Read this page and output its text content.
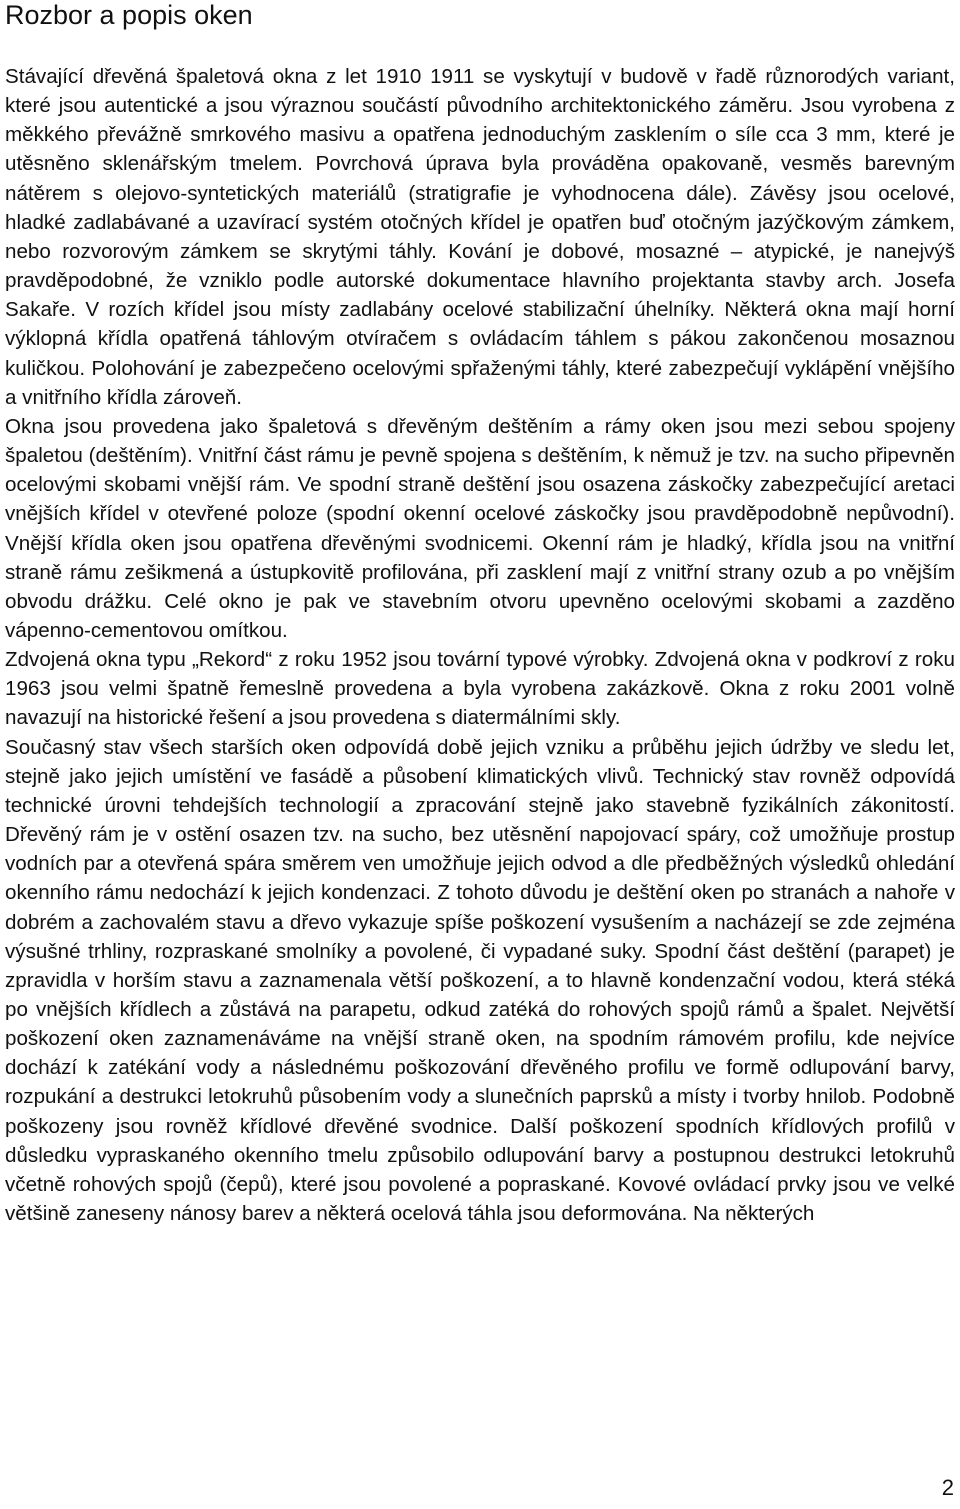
Rozbor a popis oken

Stávající dřevěná špaletová okna z let 1910 1911 se vyskytují v budově v řadě různorodých variant, které jsou autentické a jsou výraznou součástí původního architektonického záměru. Jsou vyrobena z měkkého převážně smrkového masivu a opatřena jednoduchým zasklením o síle cca 3 mm, které je utěsněno sklenářským tmelem. Povrchová úprava byla prováděna opakovaně, vesměs barevným nátěrem s olejovo-syntetických materiálů (stratigrafie je vyhodnocena dále). Závěsy jsou ocelové, hladké zadlabávané a uzavírací systém otočných křídel je opatřen buď otočným jazýčkovým zámkem, nebo rozvorovým zámkem se skrytými táhly. Kování je dobové, mosazné – atypické, je nanejvýš pravděpodobné, že vzniklo podle autorské dokumentace hlavního projektanta stavby arch. Josefa Sakaře. V rozích křídel jsou místy zadlabány ocelové stabilizační úhelníky. Některá okna mají horní výklopná křídla opatřená táhlovým otvíračem s ovládacím táhlem s pákou zakončenou mosaznou kuličkou. Polohování je zabezpečeno ocelovými spřaženými táhly, které zabezpečují vyklápění vnějšího a vnitřního křídla zároveň.

Okna jsou provedena jako špaletová s dřevěným deštěním a rámy oken jsou mezi sebou spojeny špaletou (deštěním). Vnitřní část rámu je pevně spojena s deštěním, k němuž je tzv. na sucho připevněn ocelovými skobami vnější rám. Ve spodní straně deštění jsou osazena záskočky zabezpečující aretaci vnějších křídel v otevřené poloze (spodní okenní ocelové záskočky jsou pravděpodobně nepůvodní). Vnější křídla oken jsou opatřena dřevěnými svodnicemi. Okenní rám je hladký, křídla jsou na vnitřní straně rámu zešikmená a ústupkovitě profilována, při zasklení mají z vnitřní strany ozub a po vnějším obvodu drážku. Celé okno je pak ve stavebním otvoru upevněno ocelovými skobami a zazděno vápenno-cementovou omítkou.

Zdvojená okna typu „Rekord“ z roku 1952 jsou tovární typové výrobky. Zdvojená okna v podkroví z roku 1963 jsou velmi špatně řemeslně provedena a byla vyrobena zakázkově. Okna z roku 2001 volně navazují na historické řešení a jsou provedena s diatermálními skly.

Současný stav všech starších oken odpovídá době jejich vzniku a průběhu jejich údržby ve sledu let, stejně jako jejich umístění ve fasádě a působení klimatických vlivů. Technický stav rovněž odpovídá technické úrovni tehdejších technologií a zpracování stejně jako stavebně fyzikálních zákonitostí. Dřevěný rám je v ostění osazen tzv. na sucho, bez utěsnění napojovací spáry, což umožňuje prostup vodních par a otevřená spára směrem ven umožňuje jejich odvod a dle předběžných výsledků ohledání okenního rámu nedochází k jejich kondenzaci. Z tohoto důvodu je deštění oken po stranách a nahoře v dobrém a zachovalém stavu a dřevo vykazuje spíše poškození vysušením a nacházejí se zde zejména výsušné trhliny, rozpraskané smolníky a povolené, či vypadané suky. Spodní část deštění (parapet) je zpravidla v horším stavu a zaznamenala větší poškození, a to hlavně kondenzační vodou, která stéká po vnějších křídlech a zůstává na parapetu, odkud zatéká do rohových spojů rámů a špalet. Největší poškození oken zaznamenáváme na vnější straně oken, na spodním rámovém profilu, kde nejvíce dochází k zatékání vody a následnému poškozování dřevěného profilu ve formě odlupování barvy, rozpukání a destrukci letokruhů působením vody a slunečních paprsků a místy i tvorby hnilob. Podobně poškozeny jsou rovněž křídlové dřevěné svodnice. Další poškození spodních křídlových profilů v důsledku vypraskaného okenního tmelu způsobilo odlupování barvy a postupnou destrukci letokruhů včetně rohových spojů (čepů), které jsou povolené a popraskané. Kovové ovládací prvky jsou ve velké většině zaneseny nánosy barev a některá ocelová táhla jsou deformována. Na některých

2
